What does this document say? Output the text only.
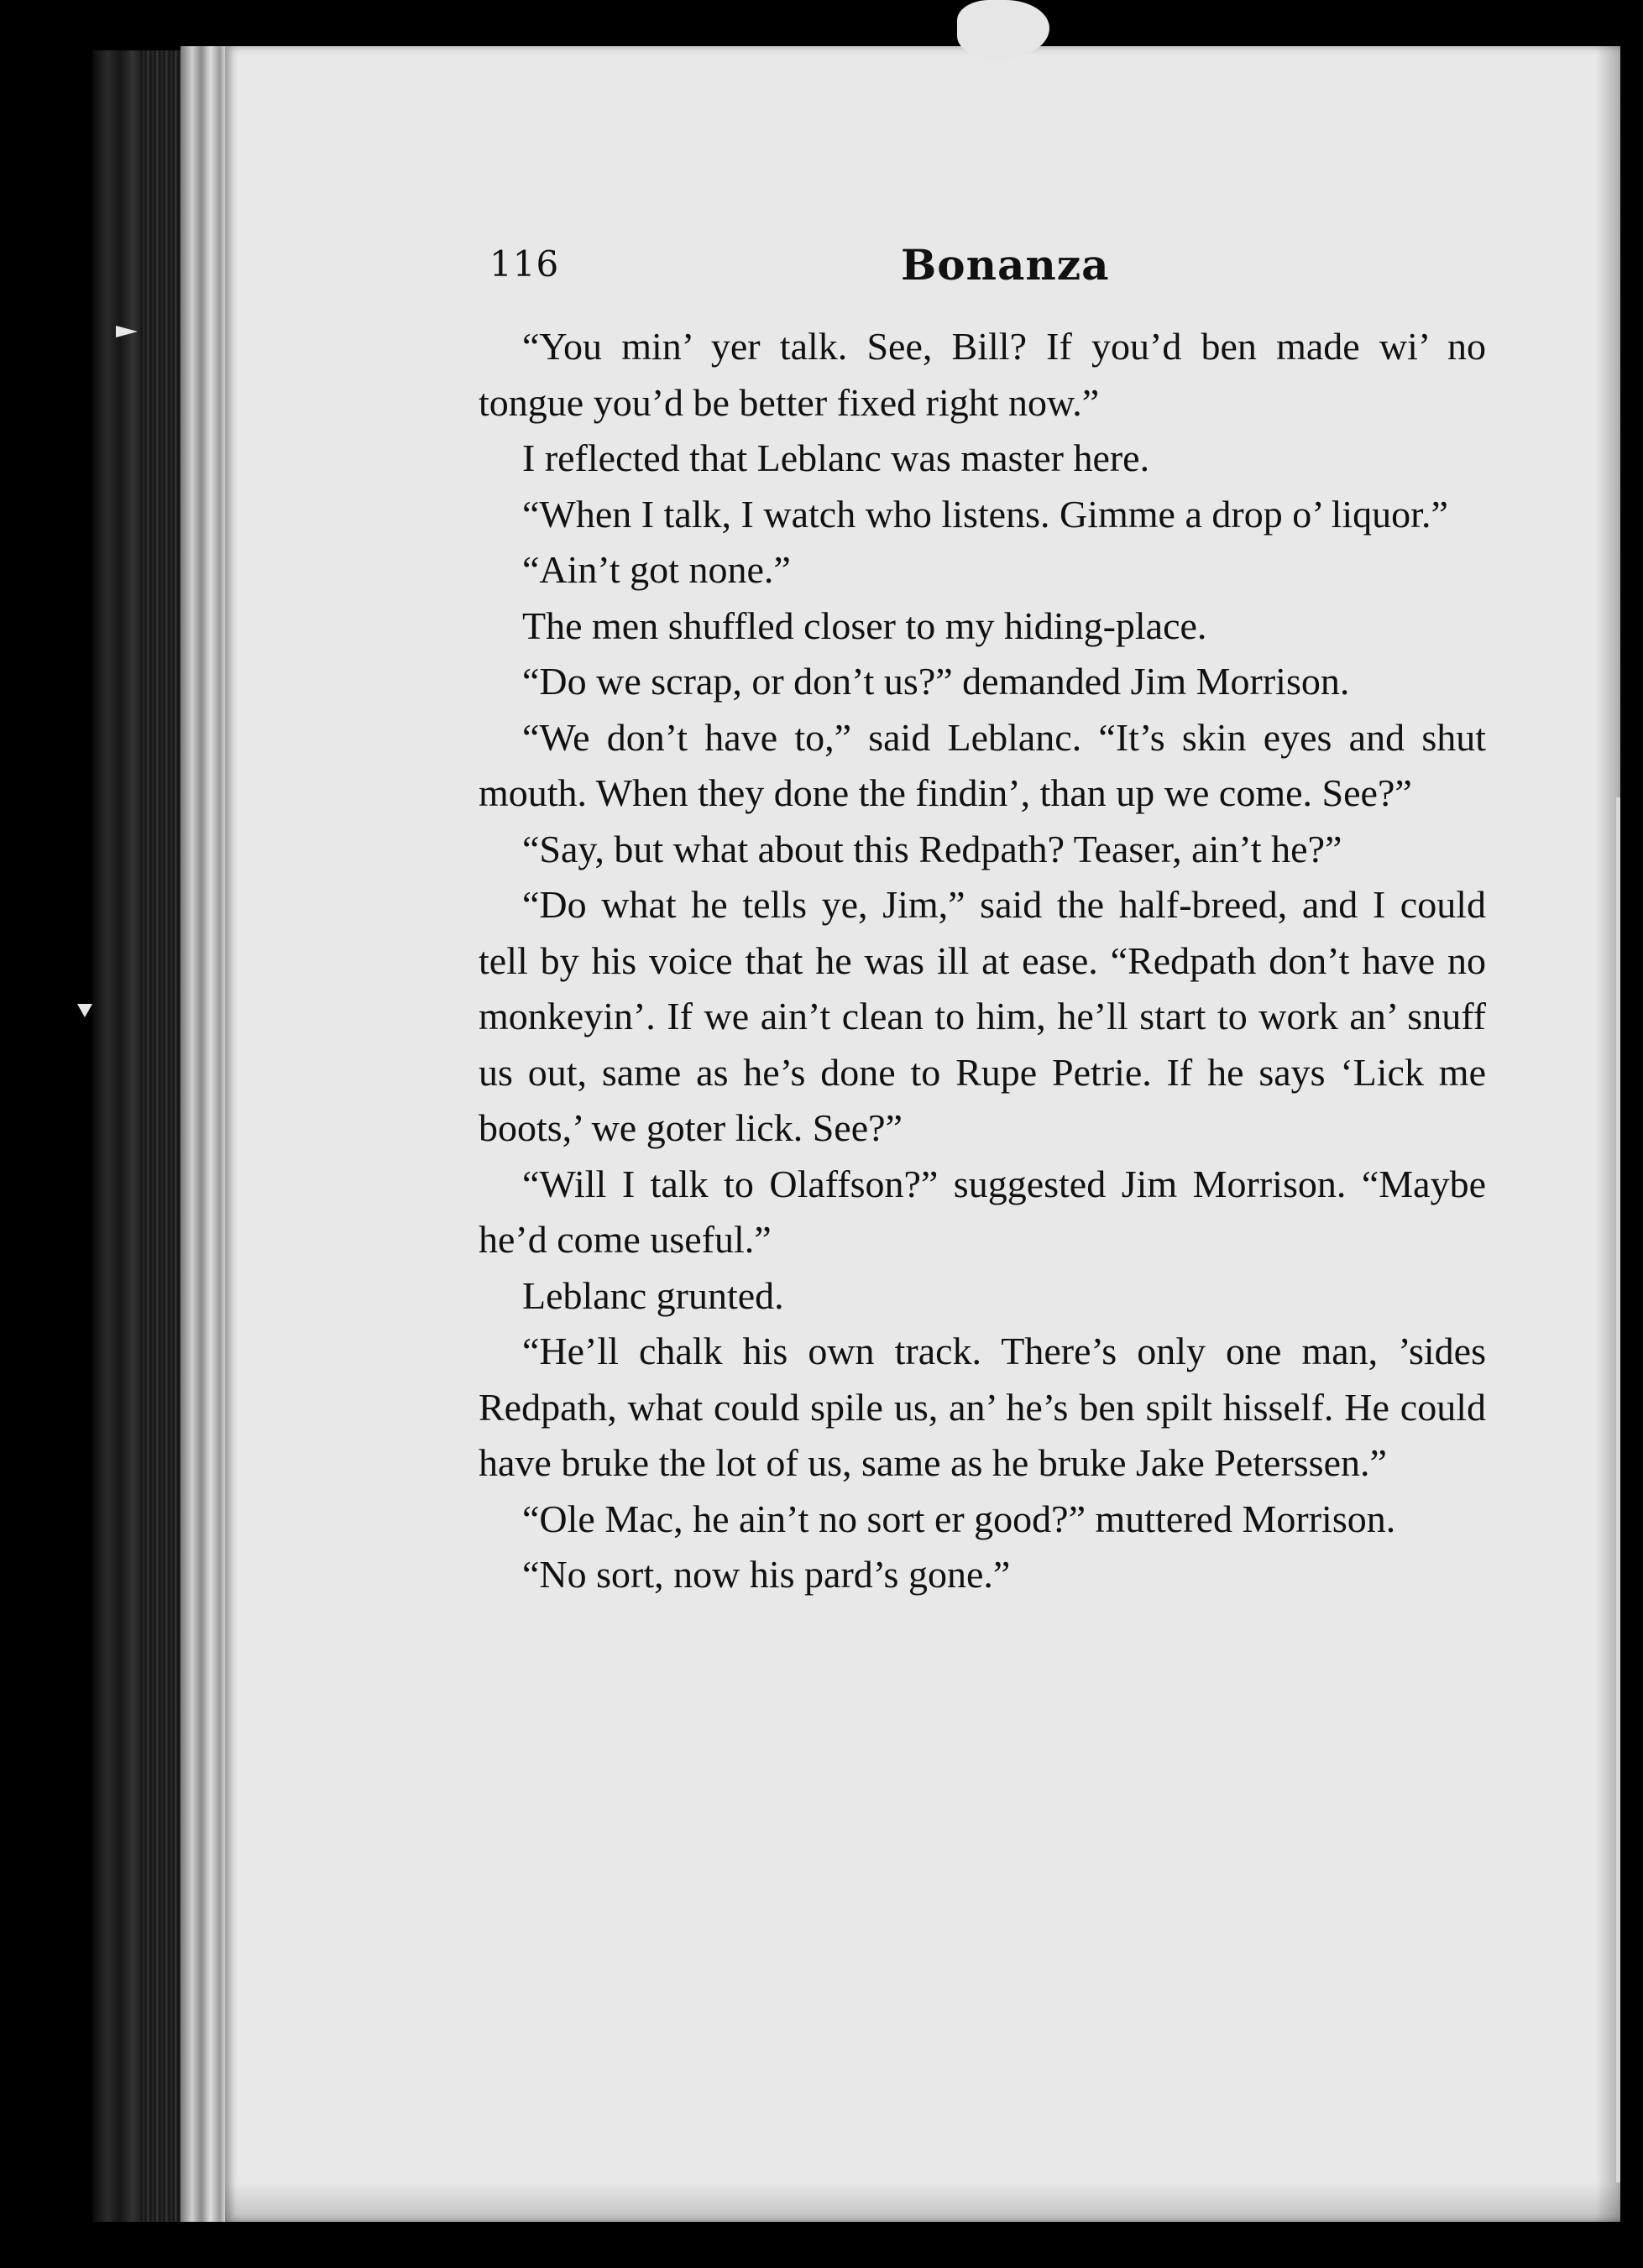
116	Bonanza

“You min’ yer talk. See, Bill? If you’d ben made wi’ no tongue you’d be better fixed right now.”

I reflected that Leblanc was master here.

“When I talk, I watch who listens. Gimme a drop o’ liquor.”

“Ain’t got none.”

The men shuffled closer to my hiding-place.

“Do we scrap, or don’t us?” demanded Jim Morrison.

“We don’t have to,” said Leblanc. “It’s skin eyes and shut mouth. When they done the findin’, than up we come. See?”

“Say, but what about this Redpath? Teaser, ain’t he?”

“Do what he tells ye, Jim,” said the half-breed, and I could tell by his voice that he was ill at ease. “Redpath don’t have no monkeyin’. If we ain’t clean to him, he’ll start to work an’ snuff us out, same as he’s done to Rupe Petrie. If he says ‘Lick me boots,’ we goter lick. See?”

“Will I talk to Olaffson?” suggested Jim Morrison. “Maybe he’d come useful.”

Leblanc grunted.

“He’ll chalk his own track. There’s only one man, ’sides Redpath, what could spile us, an’ he’s ben spilt hisself. He could have bruke the lot of us, same as he bruke Jake Peterssen.”

“Ole Mac, he ain’t no sort er good?” muttered Morrison.

“No sort, now his pard’s gone.”
